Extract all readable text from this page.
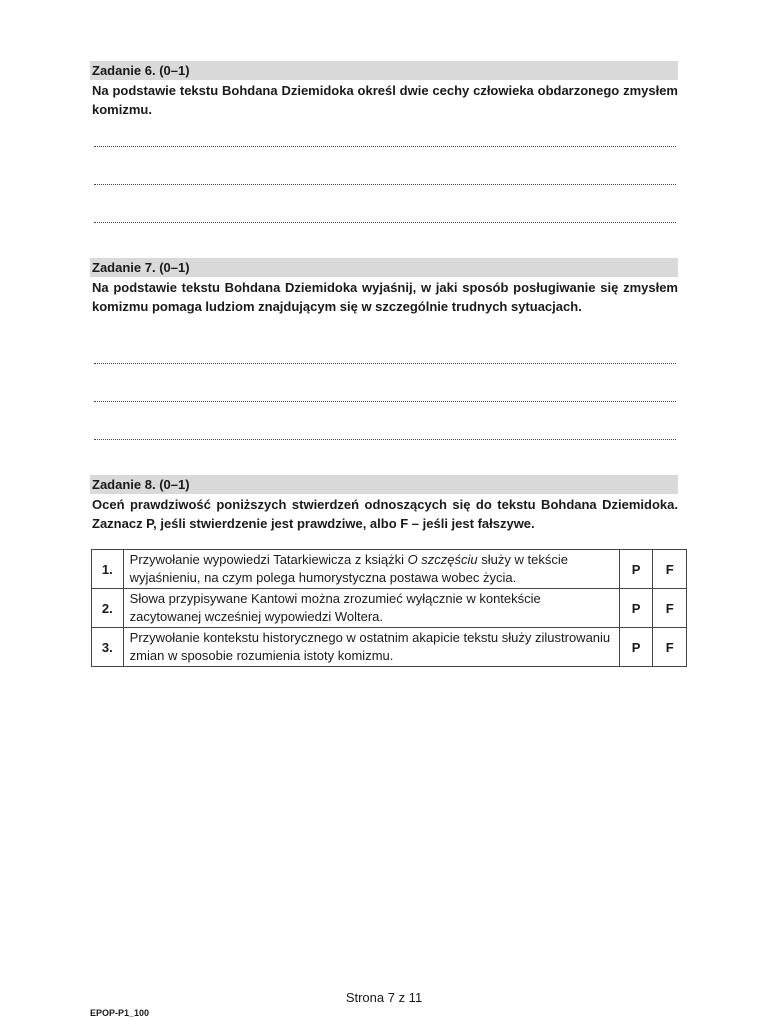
Zadanie 6. (0–1)
Na podstawie tekstu Bohdana Dziemidoka określ dwie cechy człowieka obdarzonego zmysłem komizmu.
Zadanie 7. (0–1)
Na podstawie tekstu Bohdana Dziemidoka wyjaśnij, w jaki sposób posługiwanie się zmysłem komizmu pomaga ludziom znajdującym się w szczególnie trudnych sytuacjach.
Zadanie 8. (0–1)
Oceń prawdziwość poniższych stwierdzeń odnoszących się do tekstu Bohdana Dziemidoka. Zaznacz P, jeśli stwierdzenie jest prawdziwe, albo F – jeśli jest fałszywe.
1.	Przywołanie wypowiedzi Tatarkiewicza z książki O szczęściu służy w tekście wyjaśnieniu, na czym polega humorystyczna postawa wobec życia.	P	F
2.	Słowa przypisywane Kantowi można zrozumieć wyłącznie w kontekście zacytowanej wcześniej wypowiedzi Woltera.	P	F
3.	Przywołanie kontekstu historycznego w ostatnim akapicie tekstu służy zilustrowaniu zmian w sposobie rozumienia istoty komizmu.	P	F
Strona 7 z 11
EPOP-P1_100
